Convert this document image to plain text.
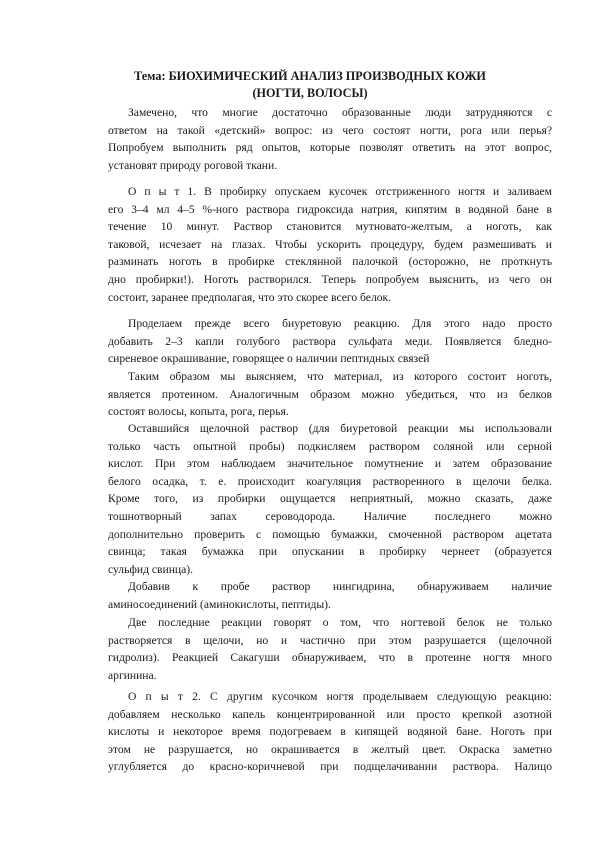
Тема: БИОХИМИЧЕСКИЙ АНАЛИЗ ПРОИЗВОДНЫХ КОЖИ
(НОГТИ, ВОЛОСЫ)
Замечено, что многие достаточно образованные люди затрудняются с
ответом на такой «детский» вопрос: из чего состоят ногти, рога или перья?
Попробуем выполнить ряд опытов, которые позволят ответить на этот вопрос,
установят природу роговой ткани.
О п ы т 1. В пробирку опускаем кусочек отстриженного ногтя и заливаем
его 3–4 мл 4–5 %-ного раствора гидроксида натрия, кипятим в водяной бане в
течение 10 минут. Раствор становится мутновато-желтым, а ноготь, как
таковой, исчезает на глазах. Чтобы ускорить процедуру, будем размешивать и
разминать ноготь в пробирке стеклянной палочкой (осторожно, не проткнуть
дно пробирки!). Ноготь растворился. Теперь попробуем выяснить, из чего он
состоит, заранее предполагая, что это скорее всего белок.
Проделаем прежде всего биуретовую реакцию. Для этого надо просто
добавить 2–3 капли голубого раствора сульфата меди. Появляется бледно-
сиреневое окрашивание, говорящее о наличии пептидных связей
Таким образом мы выясняем, что материал, из которого состоит ноготь,
является протеином. Аналогичным образом можно убедиться, что из белков
состоят волосы, копыта, рога, перья.
Оставшийся щелочной раствор (для биуретовой реакции мы использовали
только часть опытной пробы) подкисляем раствором соляной или серной
кислот. При этом наблюдаем значительное помутнение и затем образование
белого осадка, т. е. происходит коагуляция растворенного в щелочи белка.
Кроме того, из пробирки ощущается неприятный, можно сказать, даже
тошнотворный запах сероводорода. Наличие последнего можно
дополнительно проверить с помощью бумажки, смоченной раствором ацетата
свинца; такая бумажка при опускании в пробирку чернеет (образуется
сульфид свинца).
Добавив к пробе раствор нингидрина, обнаруживаем наличие
аминосоединений (аминокислоты, пептиды).
Две последние реакции говорят о том, что ногтевой белок не только
растворяется в щелочи, но и частично при этом разрушается (щелочной
гидролиз). Реакцией Сакагуши обнаруживаем, что в протеине ногтя много
аргинина.
О п ы т 2. С другим кусочком ногтя проделываем следующую реакцию:
добавляем несколько капель концентрированной или просто крепкой азотной
кислоты и некоторое время подогреваем в кипящей водяной бане. Ноготь при
этом не разрушается, но окрашивается в желтый цвет. Окраска заметно
углубляется до красно-коричневой при подщелачивании раствора. Налицо
